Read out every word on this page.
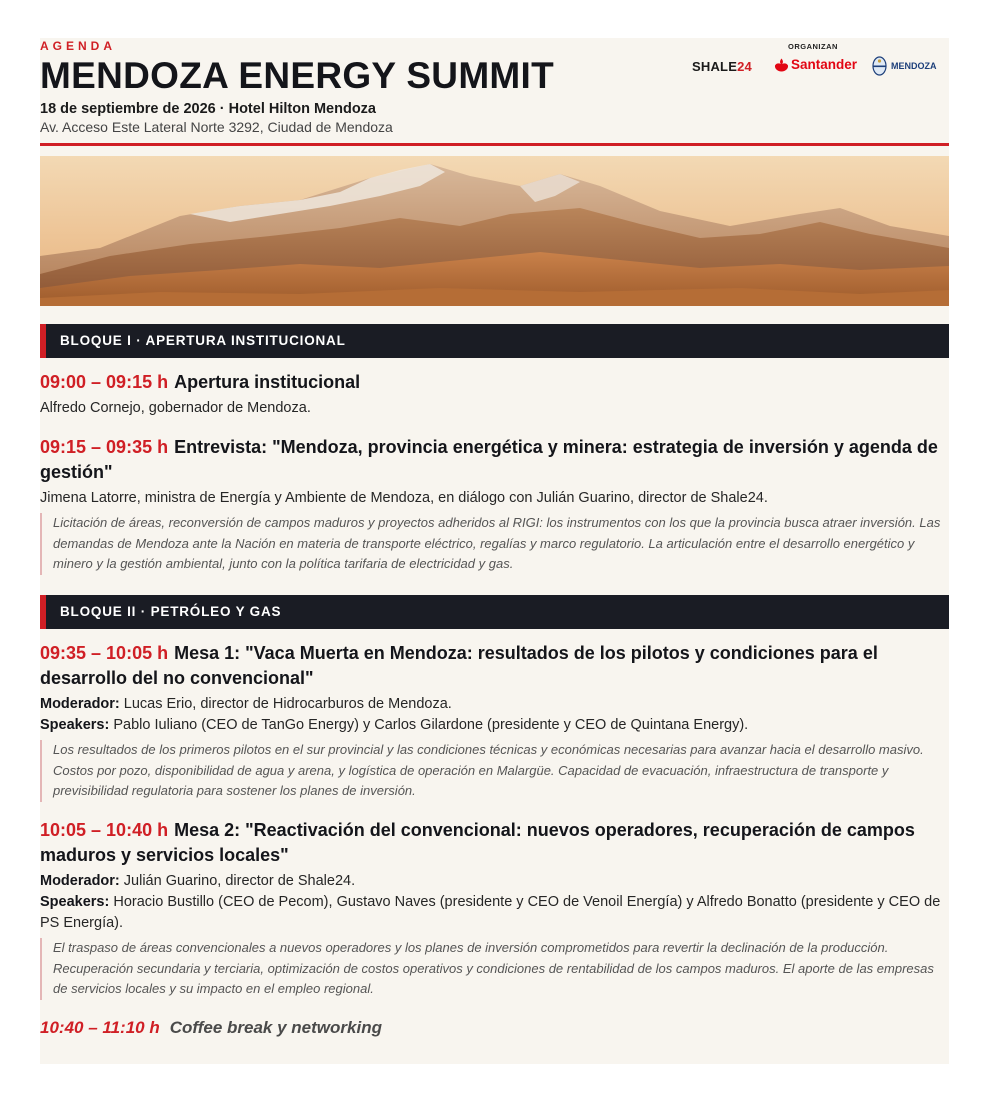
AGENDA
MENDOZA ENERGY SUMMIT
18 de septiembre de 2026 · Hotel Hilton Mendoza
Av. Acceso Este Lateral Norte 3292, Ciudad de Mendoza
ORGANIZAN
SHALE24	Santander	MENDOZA
BLOQUE I · APERTURA INSTITUCIONAL
09:00 – 09:15 h Apertura institucional
Alfredo Cornejo, gobernador de Mendoza.
09:15 – 09:35 h Entrevista: "Mendoza, provincia energética y minera: estrategia de inversión y agenda de gestión"
Jimena Latorre, ministra de Energía y Ambiente de Mendoza, en diálogo con Julián Guarino, director de Shale24.
Licitación de áreas, reconversión de campos maduros y proyectos adheridos al RIGI: los instrumentos con los que la provincia busca atraer inversión. Las demandas de Mendoza ante la Nación en materia de transporte eléctrico, regalías y marco regulatorio. La articulación entre el desarrollo energético y minero y la gestión ambiental, junto con la política tarifaria de electricidad y gas.
BLOQUE II · PETRÓLEO Y GAS
09:35 – 10:05 h Mesa 1: "Vaca Muerta en Mendoza: resultados de los pilotos y condiciones para el desarrollo del no convencional"
Moderador: Lucas Erio, director de Hidrocarburos de Mendoza.
Speakers: Pablo Iuliano (CEO de TanGo Energy) y Carlos Gilardone (presidente y CEO de Quintana Energy).
Los resultados de los primeros pilotos en el sur provincial y las condiciones técnicas y económicas necesarias para avanzar hacia el desarrollo masivo. Costos por pozo, disponibilidad de agua y arena, y logística de operación en Malargüe. Capacidad de evacuación, infraestructura de transporte y previsibilidad regulatoria para sostener los planes de inversión.
10:05 – 10:40 h Mesa 2: "Reactivación del convencional: nuevos operadores, recuperación de campos maduros y servicios locales"
Moderador: Julián Guarino, director de Shale24.
Speakers: Horacio Bustillo (CEO de Pecom), Gustavo Naves (presidente y CEO de Venoil Energía) y Alfredo Bonatto (presidente y CEO de PS Energía).
El traspaso de áreas convencionales a nuevos operadores y los planes de inversión comprometidos para revertir la declinación de la producción. Recuperación secundaria y terciaria, optimización de costos operativos y condiciones de rentabilidad de los campos maduros. El aporte de las empresas de servicios locales y su impacto en el empleo regional.
10:40 – 11:10 h Coffee break y networking
